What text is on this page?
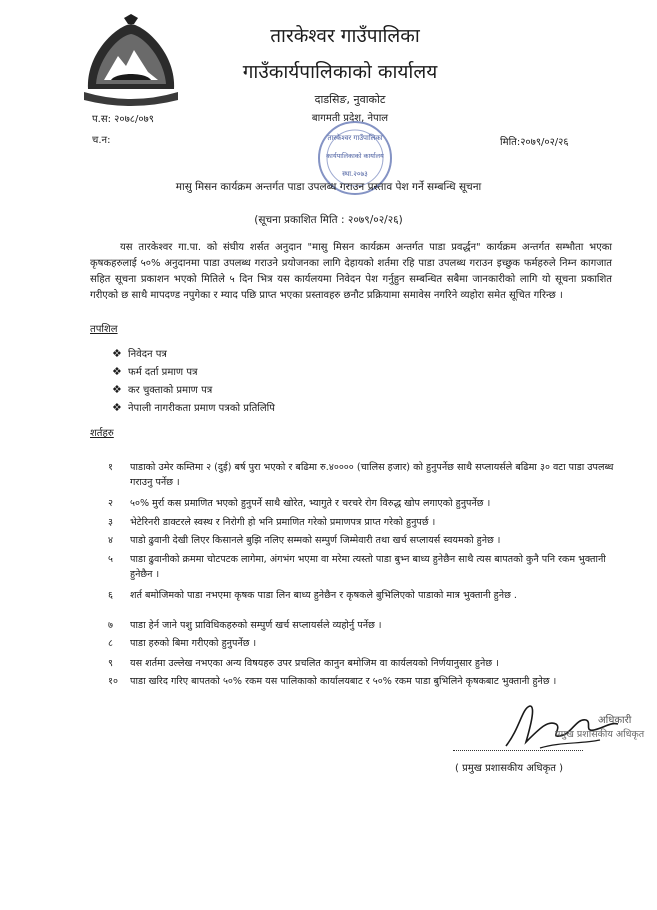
तारकेश्वर गाउँपालिका
गाउँकार्यपालिकाको कार्यालय
दाडसिङ, नुवाकोट
बागमती प्रदेश, नेपाल
प.स: २०७८/०७९
च.न:	मिति:२०७९/०२/२६
तारकेश्वर गाउँपालिका
कार्यपालिकाको कार्यालय
स्था.२०७३
मासु मिसन कार्यक्रम अन्तर्गत पाडा उपलब्ध गराउन प्रस्ताव पेश गर्ने सम्बन्धि सूचना
(सूचना प्रकाशित मिति : २०७९/०२/२६)
यस तारकेश्वर गा.पा. को संघीय शर्सत अनुदान "मासु मिसन कार्यक्रम अन्तर्गत पाडा प्रवर्द्धन" कार्यक्रम अन्तर्गत सम्भौता भएका कृषकहरुलाई ५०% अनुदानमा पाडा उपलब्ध गराउने प्रयोजनका लागि देहायको शर्तमा रहि पाडा उपलब्ध गराउन इच्छुक फर्महरुले निम्न कागजात सहित सूचना प्रकाशन भएको मितिले ५ दिन भित्र यस कार्यलयमा निवेदन पेश गर्नुहुन सम्बन्धित सबैमा जानकारीको लागि यो सूचना प्रकाशित गरीएको छ साथै मापदण्ड नपुगेका र म्याद पछि प्राप्त भएका प्रस्तावहरु छनौट प्रक्रियामा समावेस नगरिने व्यहोरा समेत सूचित गरिन्छ ।
तपशिल
❖ निवेदन पत्र
❖ फर्म दर्ता प्रमाण पत्र
❖ कर चुक्ताको प्रमाण पत्र
❖ नेपाली नागरीकता प्रमाण पत्रको प्रतिलिपि
शर्तहरु
१	पाडाको उमेर कम्तिमा २ (दुई) बर्ष पुरा भएको र बढिमा रु.४०००० (चालिस हजार) को हुनुपर्नेछ साथै सप्लायर्सले बढिमा ३० वटा पाडा उपलब्ध गराउनु पर्नेछ ।
२	५०% मुर्रा कस प्रमाणित भएको हुनुपर्ने साथै खोरेत, भ्यागुते र चरचरे रोग विरुद्ध खोप लगाएको हुनुपर्नेछ ।
३	भेटेरिनरी डाक्टरले स्वस्थ र निरोगी हो भनि प्रमाणित गरेको प्रमाणपत्र प्राप्त गरेको हुनुपर्छ ।
४	पाडो ढुवानी देखी लिएर किसानले बुझि नलिए सम्मको सम्पुर्ण जिम्मेवारी तथा खर्च सप्लायर्स स्वयमको हुनेछ ।
५	पाडा ढुवानीको क्रममा चोटपटक लागेमा, अंगभंग भएमा वा मरेमा त्यस्तो पाडा बुभ्न बाध्य हुनेछैन साथै त्यस बापतको कुनै पनि रकम भुक्तानी हुनेछैन ।
६	शर्त बमोजिमको पाडा नभएमा कृषक पाडा लिन बाध्य हुनेछैन र कृषकले बुभिलिएको पाडाको मात्र भुक्तानी हुनेछ .
७	पाडा हेर्न जाने पशु प्राविधिकहरुको सम्पुर्ण खर्च सप्लायर्सले व्यहोर्नु पर्नेछ ।
८	पाडा हरुको बिमा गरीएको हुनुपर्नेछ ।
९	यस शर्तमा उल्लेख नभएका अन्य विषयहरु उपर प्रचलित कानुन बमोजिम वा कार्यलयको निर्णयानुसार हुनेछ ।
१०	पाडा खरिद गरिए बापतको ५०% रकम यस पालिकाको कार्यालयबाट र ५०% रकम पाडा बुभिलिने कृषकबाट भुक्तानी हुनेछ ।
अधिकारी
प्रमुख प्रशासकीय अधिकृत
( प्रमुख प्रशासकीय अधिकृत )
